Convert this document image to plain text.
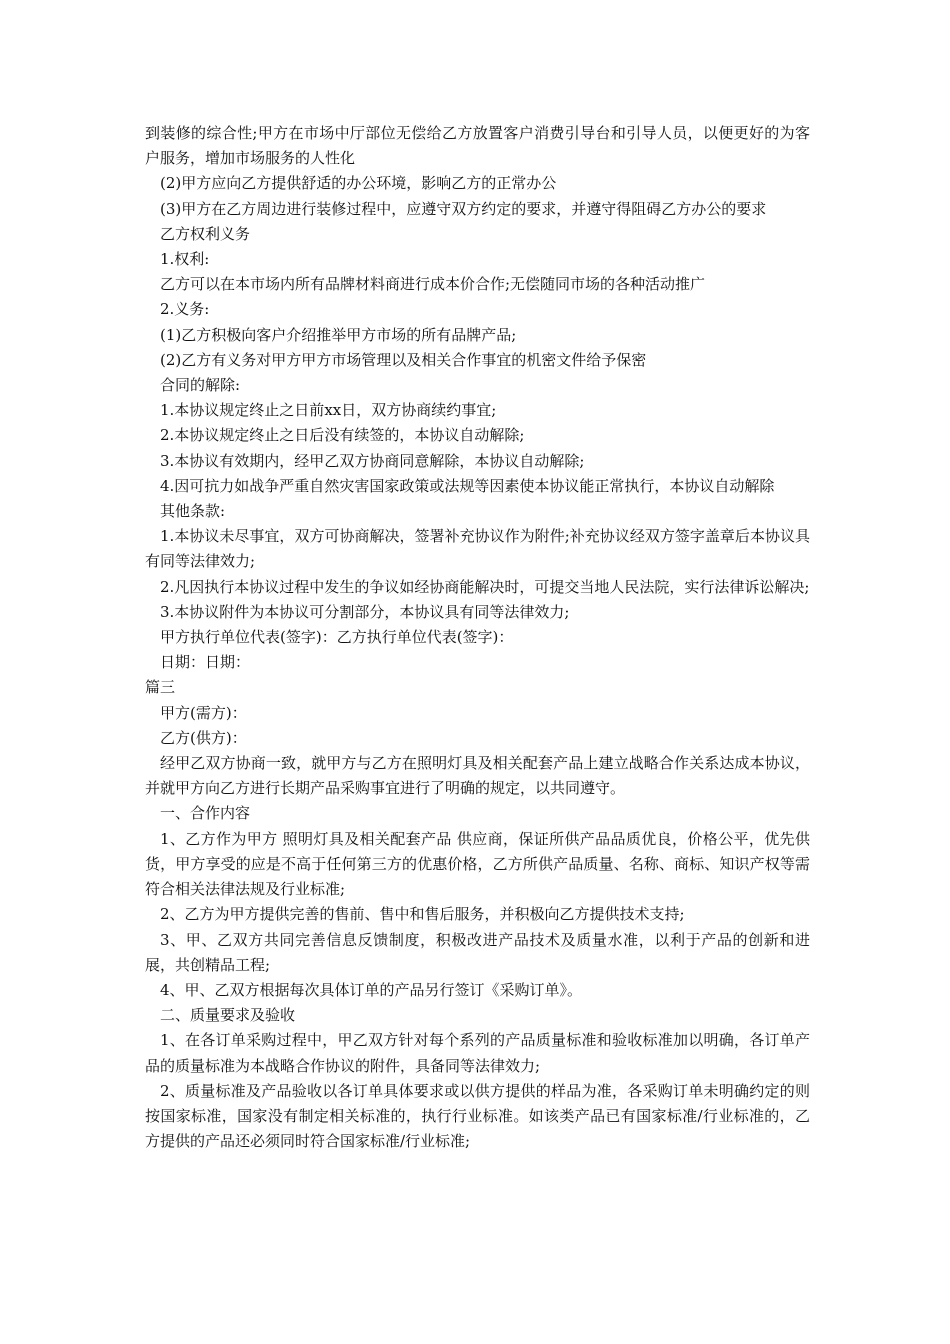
到装修的综合性;甲方在市场中厅部位无偿给乙方放置客户消费引导台和引导人员，以便更好的为客户服务，增加市场服务的人性化

(2)甲方应向乙方提供舒适的办公环境，影响乙方的正常办公

(3)甲方在乙方周边进行装修过程中，应遵守双方约定的要求，并遵守得阻碍乙方办公的要求

乙方权利义务

1.权利:

乙方可以在本市场内所有品牌材料商进行成本价合作;无偿随同市场的各种活动推广

2.义务:

(1)乙方积极向客户介绍推举甲方市场的所有品牌产品;

(2)乙方有义务对甲方甲方市场管理以及相关合作事宜的机密文件给予保密

合同的解除:

1.本协议规定终止之日前xx日，双方协商续约事宜;

2.本协议规定终止之日后没有续签的，本协议自动解除;

3.本协议有效期内，经甲乙双方协商同意解除，本协议自动解除;

4.因可抗力如战争严重自然灾害国家政策或法规等因素使本协议能正常执行，本协议自动解除

其他条款:

1.本协议未尽事宜，双方可协商解决，签署补充协议作为附件;补充协议经双方签字盖章后本协议具有同等法律效力;

2.凡因执行本协议过程中发生的争议如经协商能解决时，可提交当地人民法院，实行法律诉讼解决;

3.本协议附件为本协议可分割部分，本协议具有同等法律效力;

甲方执行单位代表(签字)：乙方执行单位代表(签字)：

日期：日期：

篇三

甲方(需方)：

乙方(供方)：

经甲乙双方协商一致，就甲方与乙方在照明灯具及相关配套产品上建立战略合作关系达成本协议，并就甲方向乙方进行长期产品采购事宜进行了明确的规定，以共同遵守。

一、合作内容

1、乙方作为甲方 照明灯具及相关配套产品 供应商，保证所供产品品质优良，价格公平，优先供货，甲方享受的应是不高于任何第三方的优惠价格，乙方所供产品质量、名称、商标、知识产权等需符合相关法律法规及行业标准;

2、乙方为甲方提供完善的售前、售中和售后服务，并积极向乙方提供技术支持;

3、甲、乙双方共同完善信息反馈制度，积极改进产品技术及质量水准，以利于产品的创新和进展，共创精品工程;

4、甲、乙双方根据每次具体订单的产品另行签订《采购订单》。

二、质量要求及验收

1、在各订单采购过程中，甲乙双方针对每个系列的产品质量标准和验收标准加以明确，各订单产品的质量标准为本战略合作协议的附件，具备同等法律效力;

2、质量标准及产品验收以各订单具体要求或以供方提供的样品为准，各采购订单未明确约定的则按国家标准，国家没有制定相关标准的，执行行业标准。如该类产品已有国家标准/行业标准的，乙方提供的产品还必须同时符合国家标准/行业标准;
